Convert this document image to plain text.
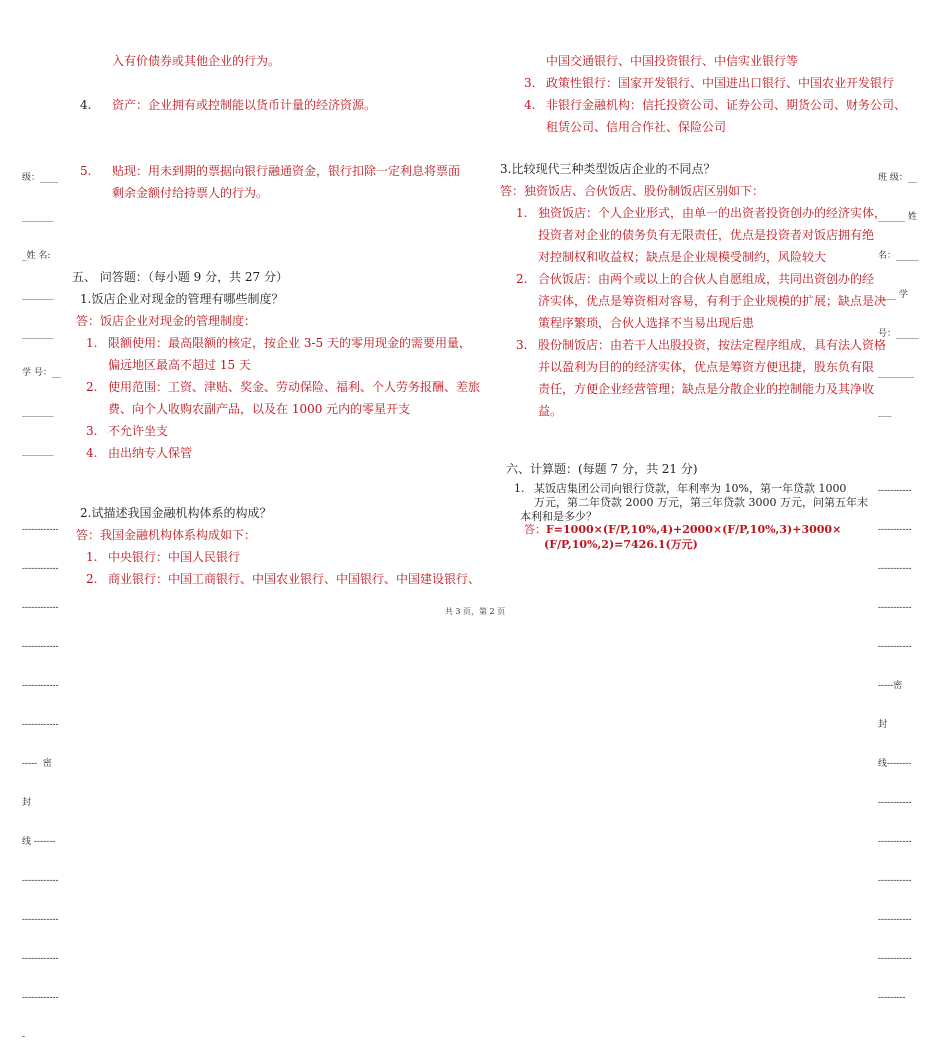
级：____

_______

_姓 名:

_______

_______

学 号：__

_______

_______

------------

------------

------------

------------

------------

------------

-----  密

封

线 -------

------------

------------

------------

------------

-

班 级：__

______ 姓

名：_____

____ 学

号：_____

________

___

-----------

-----------

-----------

-----------

-----------

-----密

封

线--------

-----------

-----------

-----------

-----------

-----------

---------

入有价债券或其他企业的行为。
4. 资产：企业拥有或控制能以货币计量的经济资源。
5. 贴现：用未到期的票据向银行融通资金，银行扣除一定利息将票面
剩余金额付给持票人的行为。
五、 问答题：（每小题 9 分，共 27 分）
1.饭店企业对现金的管理有哪些制度？
答：饭店企业对现金的管理制度：
1. 限额使用：最高限额的核定，按企业 3-5 天的零用现金的需要用量，
偏远地区最高不超过 15 天
2. 使用范围：工资、津贴、奖金、劳动保险、福利、个人劳务报酬、差旅
费、向个人收购农副产品，以及在 1000 元内的零星开支
3. 不允许坐支
4. 由出纳专人保管
2.试描述我国金融机构体系的构成？
答：我国金融机构体系构成如下：
1. 中央银行：中国人民银行
2. 商业银行：中国工商银行、中国农业银行、中国银行、中国建设银行、
中国交通银行、中国投资银行、中信实业银行等
3. 政策性银行：国家开发银行、中国进出口银行、中国农业开发银行
4. 非银行金融机构：信托投资公司、证券公司、期货公司、财务公司、
租赁公司、信用合作社、保险公司
3.比较现代三种类型饭店企业的不同点？
答：独资饭店、合伙饭店、股份制饭店区别如下：
1. 独资饭店：个人企业形式，由单一的出资者投资创办的经济实体，
投资者对企业的债务负有无限责任，优点是投资者对饭店拥有绝
对控制权和收益权；缺点是企业规模受制约，风险较大
2. 合伙饭店：由两个或以上的合伙人自愿组成，共同出资创办的经
济实体，优点是筹资相对容易，有利于企业规模的扩展；缺点是决
策程序繁琐，合伙人选择不当易出现后患
3. 股份制饭店：由若干人出股投资，按法定程序组成，具有法人资格
并以盈利为目的的经济实体，优点是筹资方便迅捷，股东负有限
责任，方便企业经营管理；缺点是分散企业的控制能力及其净收
益。
六、计算题：(每题 7 分，共 21 分)
1. 某饭店集团公司向银行贷款，年利率为 10%，第一年贷款 1000
万元，第二年贷款 2000 万元，第三年贷款 3000 万元，问第五年末
本利和是多少？
答：F=1000×(F/P,10%,4)+2000×(F/P,10%,3)+3000×
(F/P,10%,2)=7426.1(万元)
共 3 页，第 2 页
